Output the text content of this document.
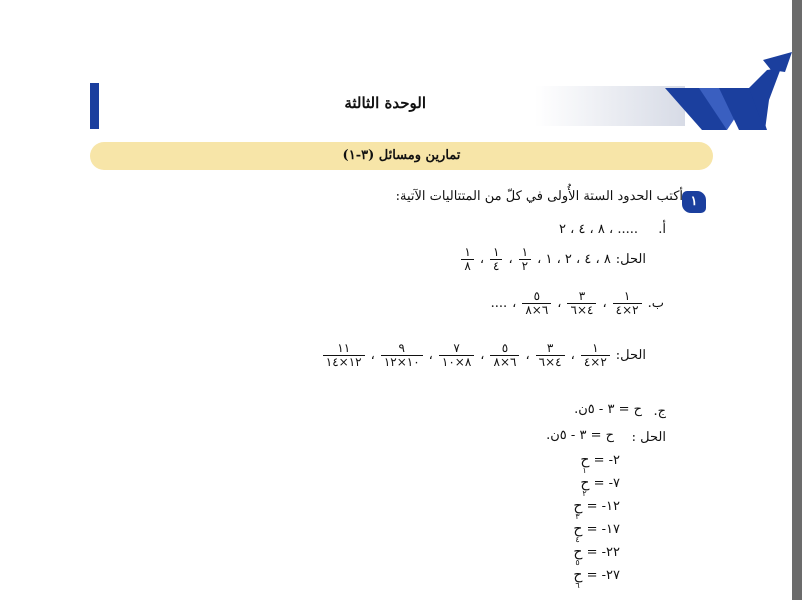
الوحدة الثالثة
تمارين ومسائل (٣-١)
١
أكتب الحدود الستة الأُولى في كلّ من المتتاليات الآتية:
أ.
٨ ، ٤ ، ٢ ، .....
الحل:
٨ ، ٤ ، ٢ ، ١ ،
$\frac{١}{٢}$
،
$\frac{١}{٤}$
،
$\frac{١}{٨}$
ب.
$\frac{١}{٢\times ٤}$
،
$\frac{٣}{٤\times ٦}$
،
$\frac{٥}{٦\times ٨}$
،
....
الحل:
$\frac{١}{٢\times ٤}$
،
$\frac{٣}{٤\times ٦}$
،
$\frac{٥}{٦\times ٨}$
،
$\frac{٧}{٨\times ١٠}$
،
$\frac{٩}{١٠\times ١٢}$
،
$\frac{١١}{١٢\times ١٤}$
ج.
ح = ٣ - ٥ن.
الحل :
ح = ٣ - ٥ن.
ح
١
= -٢
ح
٢
= -٧
ح
٣
= -١٢
ح
٤
= -١٧
ح
٥
= -٢٢
ح
٦
= -٢٧
